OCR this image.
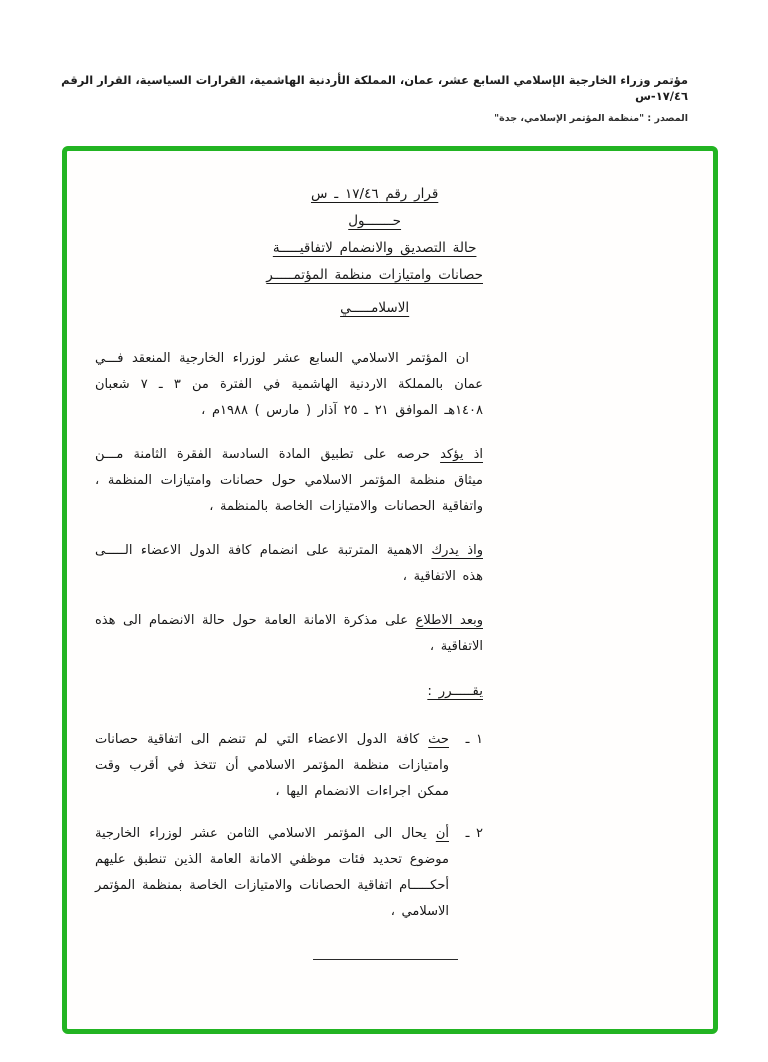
مؤتمر وزراء الخارجية الإسلامي السابع عشر، عمان، المملكة الأردنية الهاشمية، القرارات السياسية، القرار الرقم ١٧/٤٦-س
المصدر : "منظمة المؤتمر الإسلامي، جدة"
قرار رقم ١٧/٤٦ ـ س
حـــــــول
حالة التصديق والانضمام لاتفاقيـــــة
حصانات وامتيازات منظمة المؤتمـــــر
الاسلامـــــي

ان المؤتمر الاسلامي السابع عشر لوزراء الخارجية المنعقد فـــي عمان بالمملكة الاردنية الهاشمية في الفترة من ٣ ـ ٧ شعبان ١٤٠٨هـ الموافق ٢١ ـ ٢٥ آذار ( مارس ) ١٩٨٨م ،

اذ يؤكد حرصه على تطبيق المادة السادسة الفقرة الثامنة مـــن ميثاق منظمة المؤتمر الاسلامي حول حصانات وامتيازات المنظمة ، واتفاقية الحصانات والامتيازات الخاصة بالمنظمة ،

واذ يدرك الاهمية المترتبة على انضمام كافة الدول الاعضاء الـــــى هذه الاتفاقية ،

وبعد الاطلاع على مذكرة الامانة العامة حول حالة الانضمام الى هذه الاتفاقية ،

يقـــــرر :
١ ـ
حث كافة الدول الاعضاء التي لم تنضم الى اتفاقية حصانات وامتيازات منظمة المؤتمر الاسلامي أن تتخذ في أقرب وقت ممكن اجراءات الانضمام اليها ،
٢ ـ
أن يحال الى المؤتمر الاسلامي الثامن عشر لوزراء الخارجية موضوع تحديد فئات موظفي الامانة العامة الذين تنطبق عليهم أحكـــــام اتفاقية الحصانات والامتيازات الخاصة بمنظمة المؤتمر الاسلامي ،
